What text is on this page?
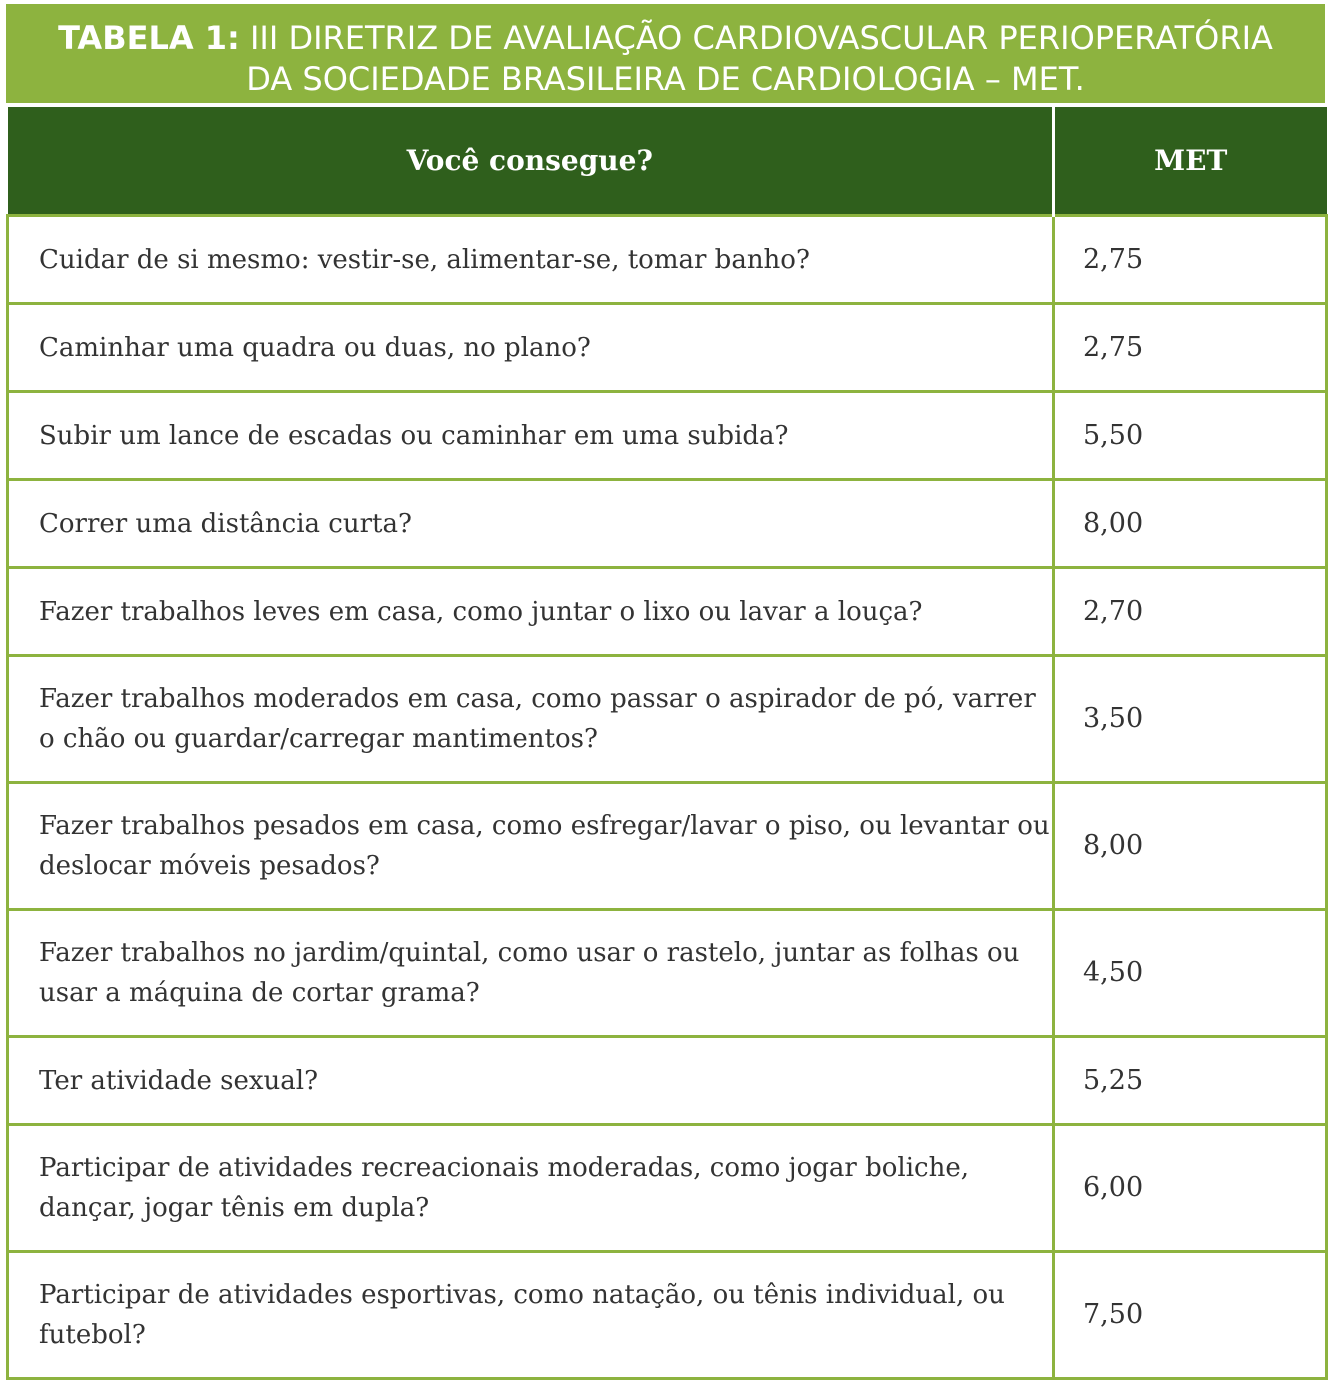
TABELA 1: III DIRETRIZ DE AVALIAÇÃO CARDIOVASCULAR PERIOPERATÓRIA
DA SOCIEDADE BRASILEIRA DE CARDIOLOGIA – MET.
Você consegue?	MET
Cuidar de si mesmo: vestir-se, alimentar-se, tomar banho?	2,75
Caminhar uma quadra ou duas, no plano?	2,75
Subir um lance de escadas ou caminhar em uma subida?	5,50
Correr uma distância curta?	8,00
Fazer trabalhos leves em casa, como juntar o lixo ou lavar a louça?	2,70
Fazer trabalhos moderados em casa, como passar o aspirador de pó, varrer o chão ou guardar/carregar mantimentos?	3,50
Fazer trabalhos pesados em casa, como esfregar/lavar o piso, ou levantar ou deslocar móveis pesados?	8,00
Fazer trabalhos no jardim/quintal, como usar o rastelo, juntar as folhas ou usar a máquina de cortar grama?	4,50
Ter atividade sexual?	5,25
Participar de atividades recreacionais moderadas, como jogar boliche, dançar, jogar tênis em dupla?	6,00
Participar de atividades esportivas, como natação, ou tênis individual, ou futebol?	7,50
